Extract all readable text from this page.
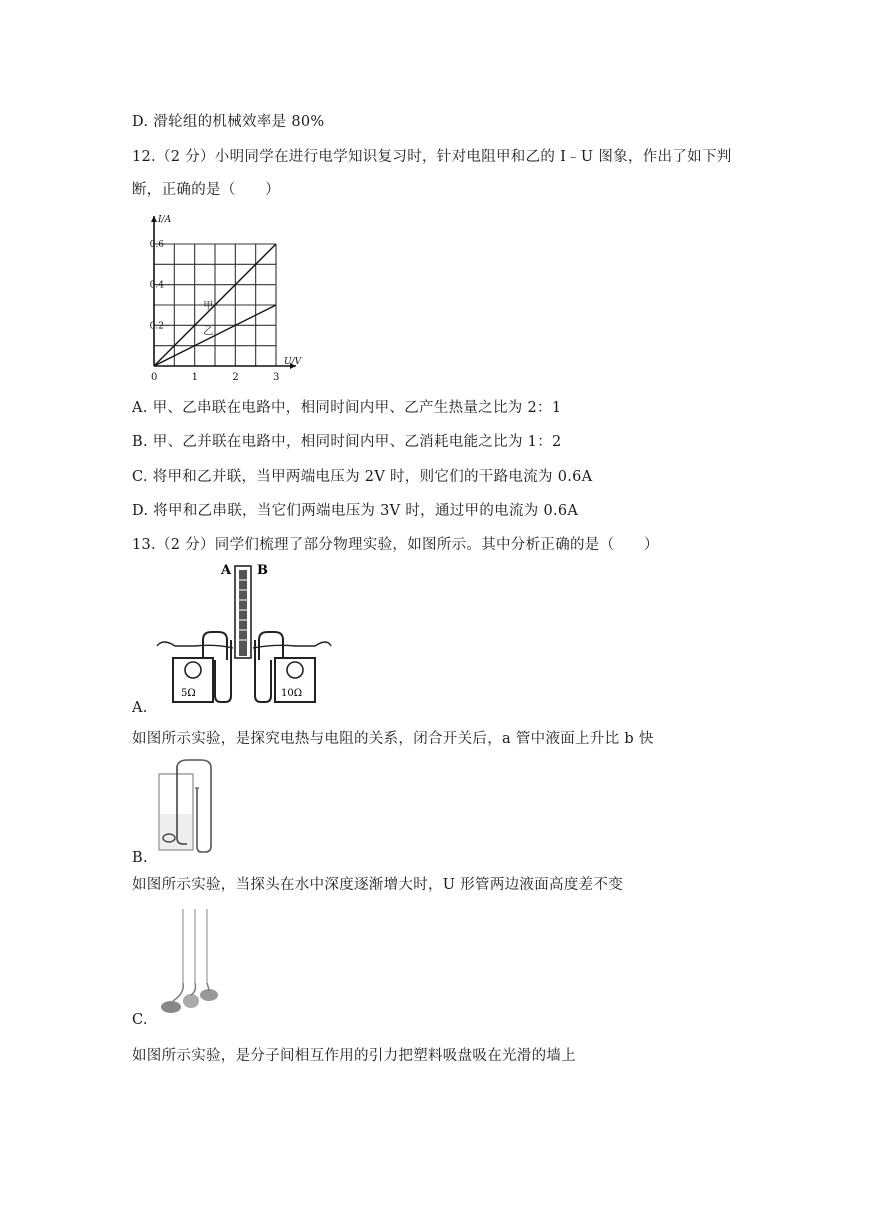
D. 滑轮组的机械效率是 80%
12.（2 分）小明同学在进行电学知识复习时，针对电阻甲和乙的 I﹣U 图象，作出了如下判
断，正确的是（　　）
甲
乙
0	1	2	3
0.2
0.4
0.6
U/V
I/A
A. 甲、乙串联在电路中，相同时间内甲、乙产生热量之比为 2：1
B. 甲、乙并联在电路中，相同时间内甲、乙消耗电能之比为 1：2
C. 将甲和乙并联，当甲两端电压为 2V 时，则它们的干路电流为 0.6A
D. 将甲和乙串联，当它们两端电压为 3V 时，通过甲的电流为 0.6A
13.（2 分）同学们梳理了部分物理实验，如图所示。其中分析正确的是（　　）
A B
5Ω	10Ω
A.
如图所示实验，是探究电热与电阻的关系，闭合开关后，a 管中液面上升比 b 快
B.
如图所示实验，当探头在水中深度逐渐增大时，U 形管两边液面高度差不变
C.
如图所示实验，是分子间相互作用的引力把塑料吸盘吸在光滑的墙上
